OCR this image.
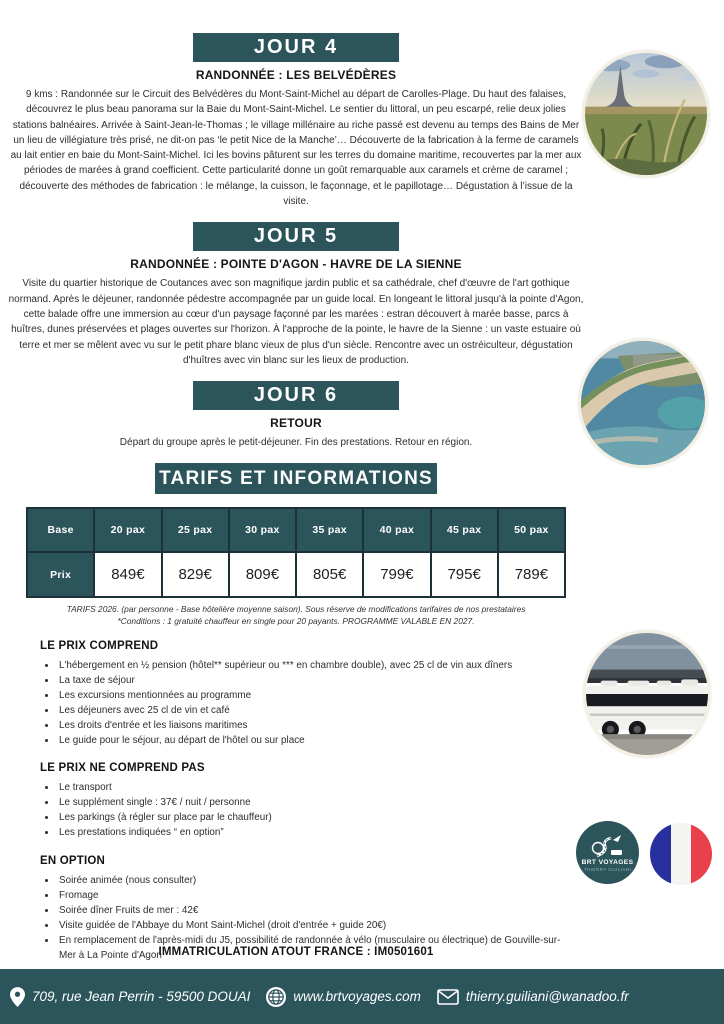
JOUR 4
RANDONNÉE : LES BELVÉDÈRES

9 kms : Randonnée sur le Circuit des Belvédères du Mont-Saint-Michel au départ de Carolles-Plage. Du haut des falaises, découvrez le plus beau panorama sur la Baie du Mont-Saint-Michel. Le sentier du littoral, un peu escarpé, relie deux jolies stations balnéaires. Arrivée à Saint-Jean-le-Thomas ; le village millénaire au riche passé est devenu au temps des Bains de Mer un lieu de villégiature très prisé, ne dit-on pas ‘le petit Nice de la Manche’… Découverte de la fabrication à la ferme de caramels au lait entier en baie du Mont-Saint-Michel. Ici les bovins pâturent sur les terres du domaine maritime, recouvertes par la mer aux périodes de marées à grand coefficient. Cette particularité donne un goût remarquable aux caramels et crème de caramel ; découverte des méthodes de fabrication : le mélange, la cuisson, le façonnage, et le papillotage… Dégustation à l’issue de la visite.

JOUR 5
RANDONNÉE : POINTE D'AGON - HAVRE DE LA SIENNE

Visite du quartier historique de Coutances avec son magnifique jardin public et sa cathédrale, chef d'œuvre de l'art gothique normand. Après le déjeuner, randonnée pédestre accompagnée par un guide local. En longeant le littoral jusqu'à la pointe d'Agon, cette balade offre une immersion au cœur d'un paysage façonné par les marées : estran découvert à marée basse, parcs à huîtres, dunes préservées et plages ouvertes sur l'horizon. À l'approche de la pointe, le havre de la Sienne : un vaste estuaire où terre et mer se mêlent avec vu sur le petit phare blanc vieux de plus d'un siècle. Rencontre avec un ostréiculteur, dégustation d'huîtres avec vin blanc sur les lieux de production.

JOUR 6
RETOUR

Départ du groupe après le petit-déjeuner. Fin des prestations. Retour en région.

TARIFS ET INFORMATIONS
Base	20 pax	25 pax	30 pax	35 pax	40 pax	45 pax	50 pax
Prix	849€	829€	809€	805€	799€	795€	789€
TARIFS 2026. (par personne - Base hôtelière moyenne saison). Sous réserve de modifications tarifaires de nos prestataires
*Conditions : 1 gratuité chauffeur en single pour 20 payants. PROGRAMME VALABLE EN 2027.
LE PRIX COMPREND
• L'hébergement en ½ pension (hôtel** supérieur ou *** en chambre double), avec 25 cl de vin aux dîners
• La taxe de séjour
• Les excursions mentionnées au programme
• Les déjeuners avec 25 cl de vin et café
• Les droits d'entrée et les liaisons maritimes
• Le guide pour le séjour, au départ de l'hôtel ou sur place
LE PRIX NE COMPREND PAS
• Le transport
• Le supplément single : 37€ / nuit / personne
• Les parkings (à régler sur place par le chauffeur)
• Les prestations indiquées “ en option”
EN OPTION
• Soirée animée (nous consulter)
• Fromage
• Soirée dîner Fruits de mer : 42€
• Visite guidée de l'Abbaye du Mont Saint-Michel (droit d'entrée + guide 20€)
• En remplacement de l'après-midi du J5, possibilité de randonnée à vélo (musculaire ou électrique) de Gouville-sur-Mer à La Pointe d'Agon
IMMATRICULATION ATOUT FRANCE : IM0501601
BRT VOYAGES
THIERRY GUILIANI
709, rue Jean Perrin - 59500 DOUAI	www.brtvoyages.com	thierry.guiliani@wanadoo.fr
